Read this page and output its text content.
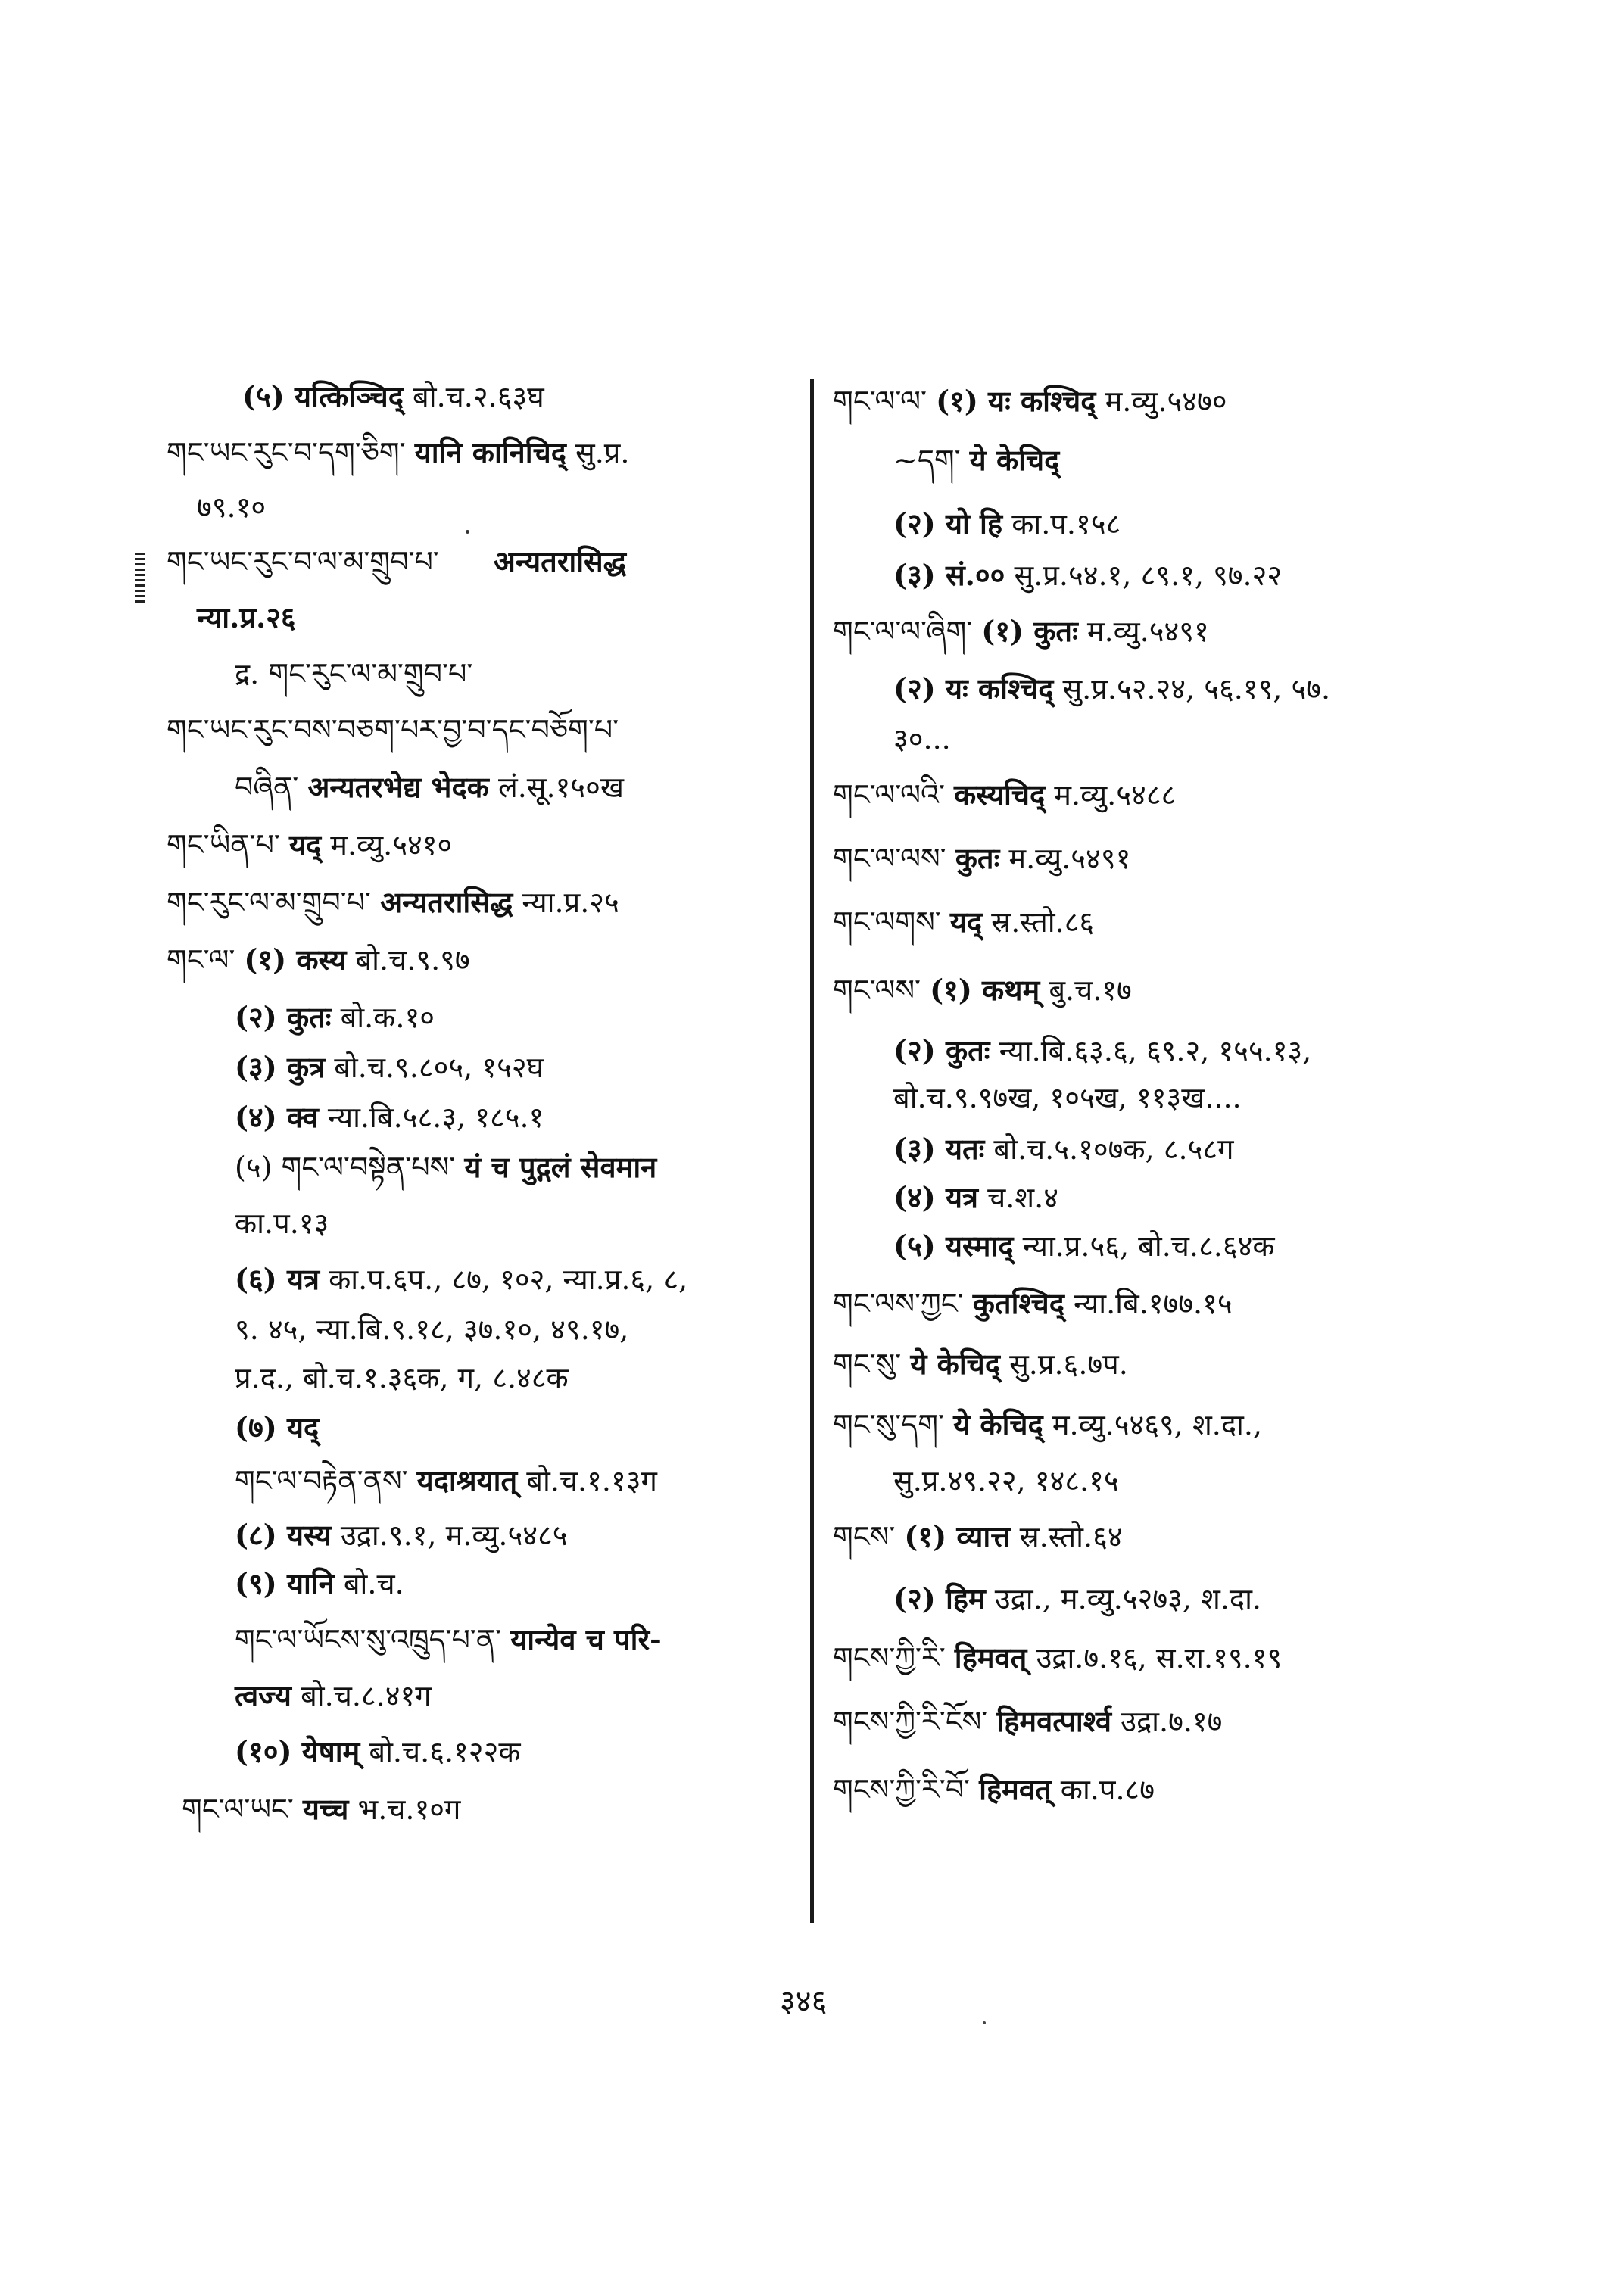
(५) यत्किञ्चिद् बो.च.२.६३घ
གང་ཡང་རུང་བ་དག་ཅིག་ यानि कानिचिद् सु.प्र.
७९.१०
གང་ཡང་རུང་བ་ལ་མ་གྲུབ་པ་ अन्यतरासिद्ध
न्या.प्र.२६
द्र. གང་རུང་ལ་མ་གྲུབ་པ་
གང་ཡང་རུང་བས་བཅག་པར་བྱ་བ་དང་བཅོག་པ་
བཞིན་ अन्यतरभेद्य भेदक लं.सू.१५०ख
གང་ཡིན་པ་ यद् म.व्यु.५४१०
གང་རུང་ལ་མ་གྲུབ་པ་ अन्यतरासिद्ध न्या.प्र.२५
གང་ལ་ (१) कस्य बो.च.९.९७
(२) कुतः बो.क.१०
(३) कुत्र बो.च.९.८०५, १५२घ
(४) क्व न्या.बि.५८.३, १८५.१
(५) གང་ལ་བསྟེན་པས་ यं च पुद्गलं सेवमान
का.प.१३
(६) यत्र का.प.६प., ८७, १०२, न्या.प्र.६, ८,
९. ४५, न्या.बि.९.१८, ३७.१०, ४९.१७,
प्र.द., बो.च.१.३६क, ग, ८.४८क
(७) यद्
གང་ལ་བརྟེན་ནས་ यदाश्रयात् बो.च.१.१३ग
(८) यस्य उद्रा.९.१, म.व्यु.५४८५
(९) यानि बो.च.
གང་ལ་ཡོངས་སུ་འཁྲུད་པ་ན་ यान्येव च परि-
त्वज्य बो.च.८.४१ग
(१०) येषाम् बो.च.६.१२२क
གང་ལ་ཡང་ यच्च भ.च.१०ग
གང་ལ་ལ་ (१) यः कश्चिद् म.व्यु.५४७०
~དག་ ये केचिद्
(२) यो हि का.प.१५८
(३) सं.०० सु.प्र.५४.१, ८९.१, ९७.२२
གང་ལ་ལ་ཞིག་ (१) कुतः म.व्यु.५४९१
(२) यः कश्चिद् सु.प्र.५२.२४, ५६.१९, ५७.
३०...
གང་ལ་ལའི་ कस्यचिद् म.व्यु.५४८८
གང་ལ་ལས་ कुतः म.व्यु.५४९१
གང་ལགས་ यद् स्र.स्तो.८६
གང་ལས་ (१) कथम् बु.च.१७
(२) कुतः न्या.बि.६३.६, ६९.२, १५५.१३,
बो.च.९.९७ख, १०५ख, ११३ख....
(३) यतः बो.च.५.१०७क, ८.५८ग
(४) यत्र च.श.४
(५) यस्माद् न्या.प्र.५६, बो.च.८.६४क
གང་ལས་ཀྱང་ कुतश्चिद् न्या.बि.१७७.१५
གང་སུ་ ये केचिद् सु.प्र.६.७प.
གང་སུ་དག་ ये केचिद् म.व्यु.५४६९, श.दा.,
सु.प्र.४९.२२, १४८.१५
གངས་ (१) व्यात्त स्र.स्तो.६४
(२) हिम उद्रा., म.व्यु.५२७३, श.दा.
གངས་ཀྱི་རི་ हिमवत् उद्रा.७.१६, स.रा.१९.१९
གངས་ཀྱི་རི་ངོས་ हिमवत्पार्श्व उद्रा.७.१७
གངས་ཀྱི་རི་བོ་ हिमवत् का.प.८७
३४६
